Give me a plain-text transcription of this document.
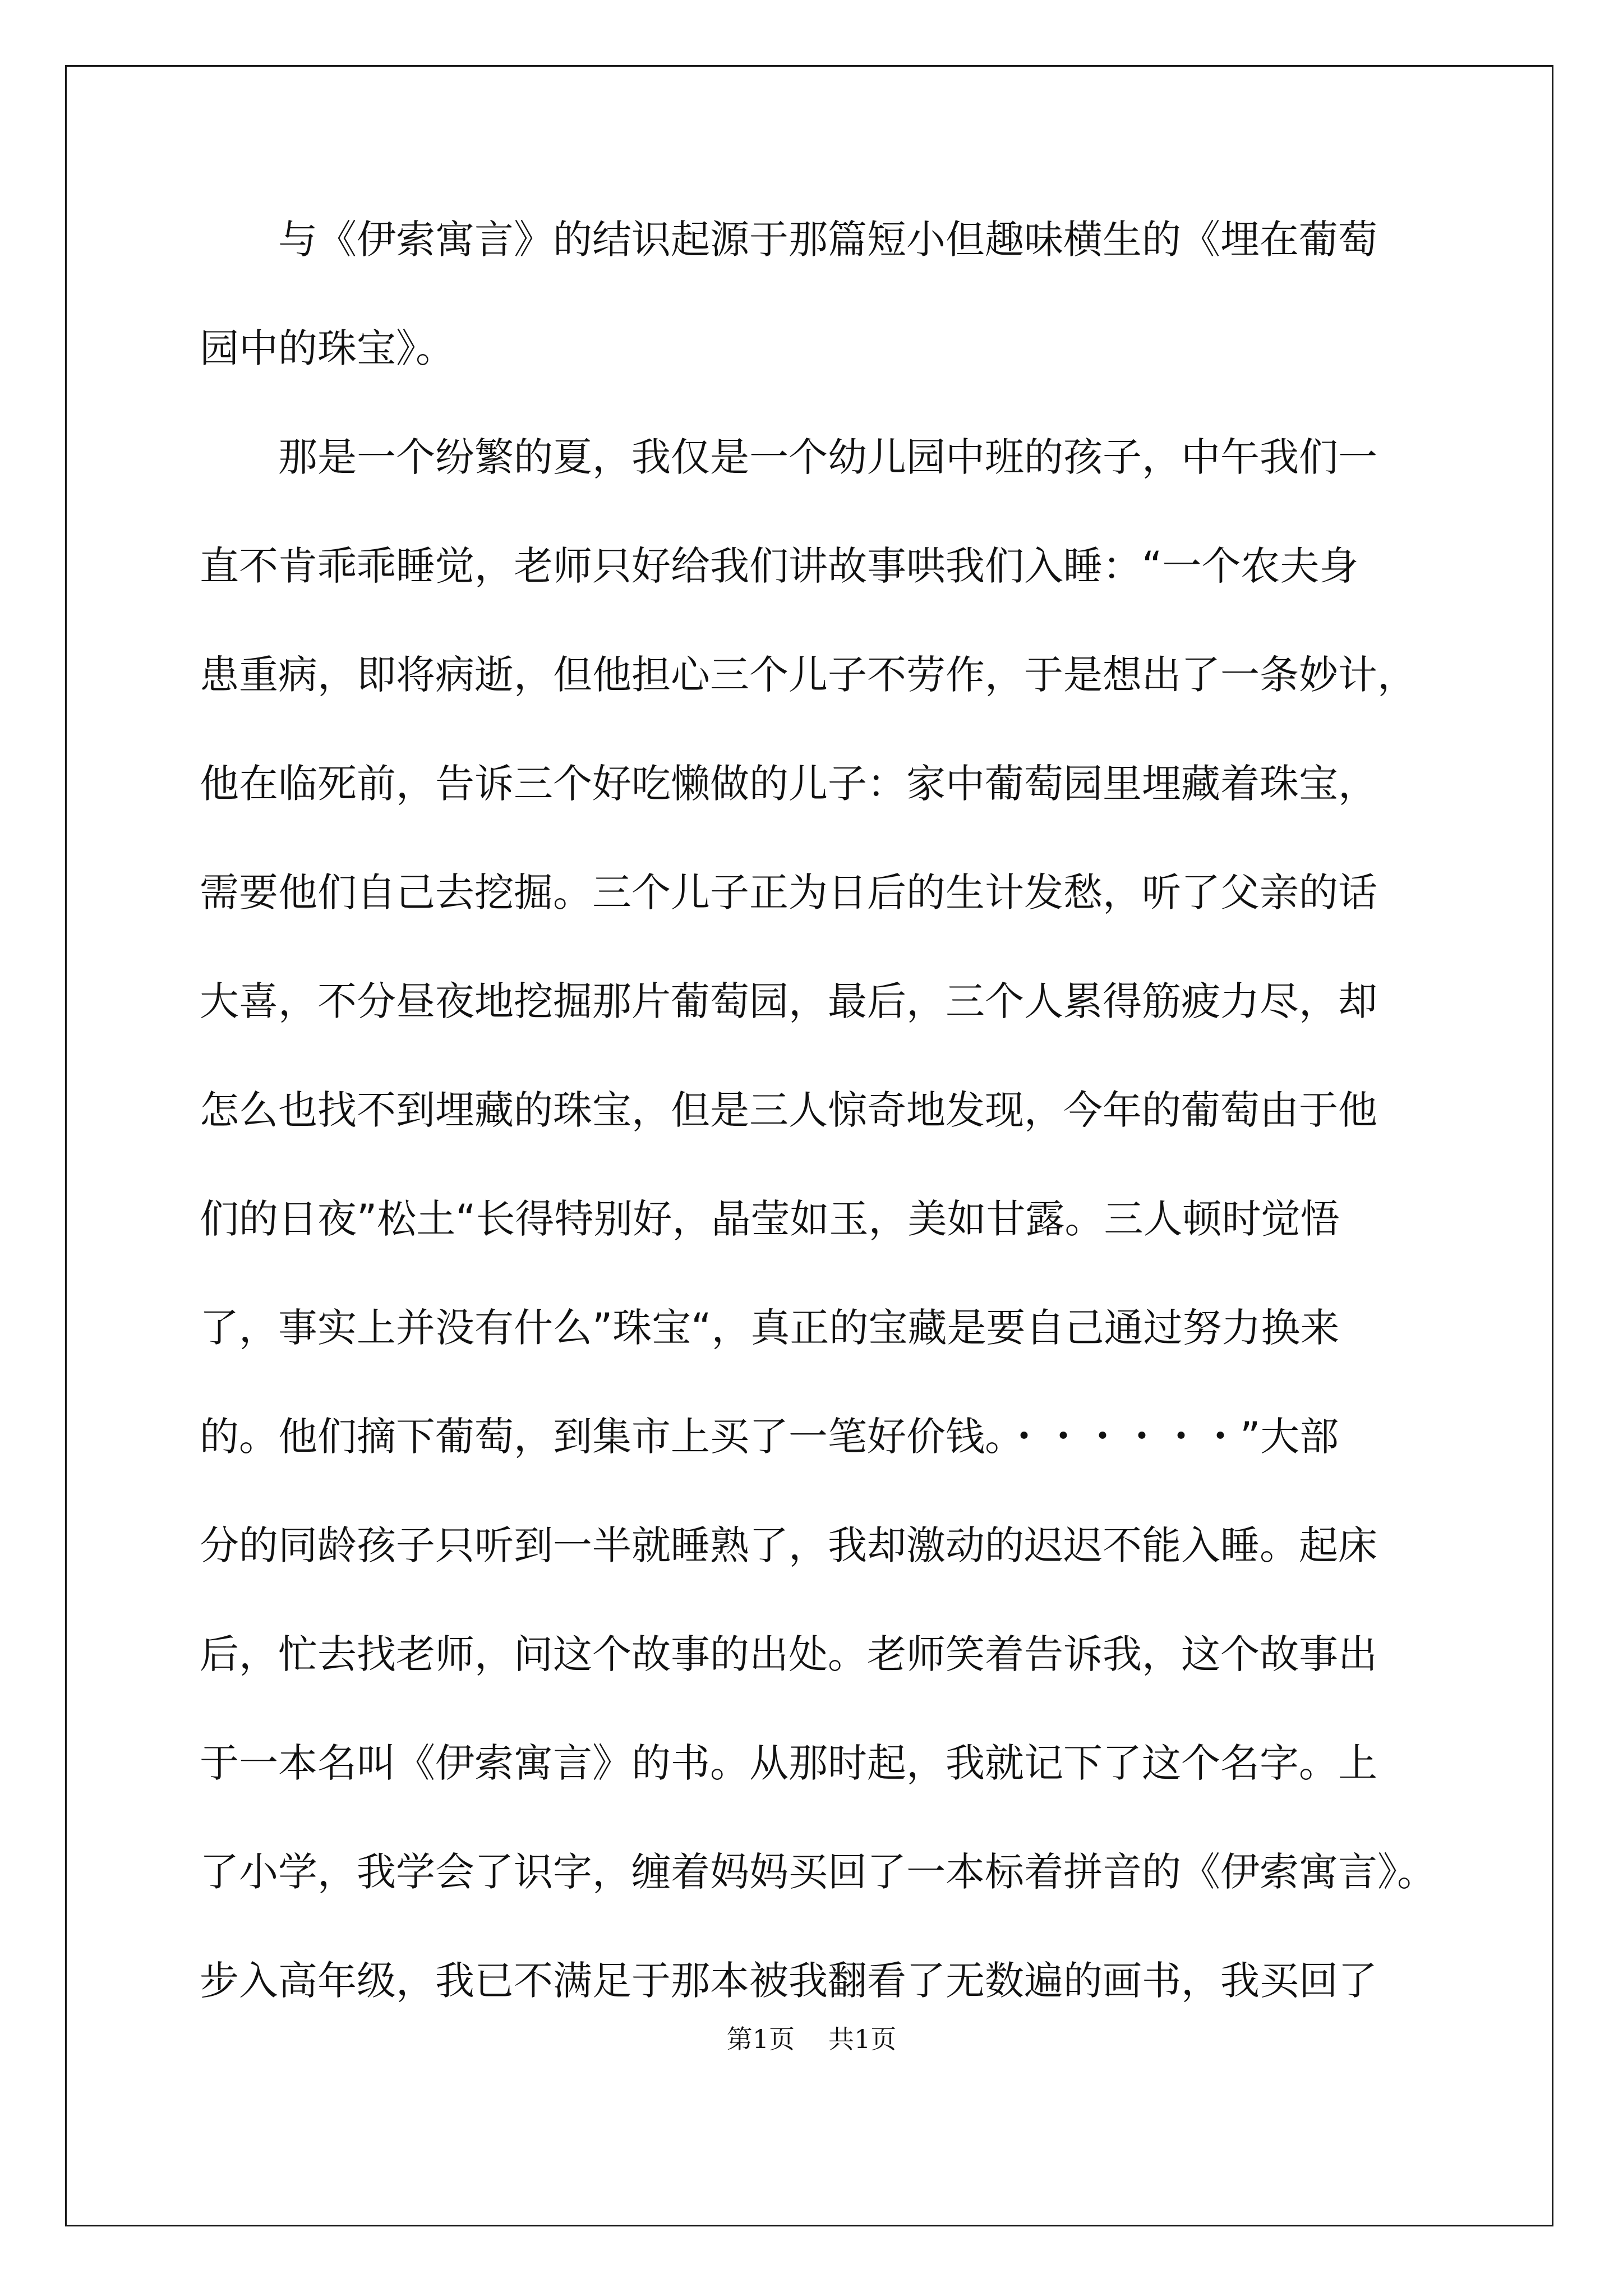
与《伊索寓言》的结识起源于那篇短小但趣味横生的《埋在葡萄
园中的珠宝》。
那是一个纷繁的夏，我仅是一个幼儿园中班的孩子，中午我们一
直不肯乖乖睡觉，老师只好给我们讲故事哄我们入睡：“一个农夫身
患重病，即将病逝，但他担心三个儿子不劳作，于是想出了一条妙计，
他在临死前，告诉三个好吃懒做的儿子：家中葡萄园里埋藏着珠宝，
需要他们自己去挖掘。三个儿子正为日后的生计发愁，听了父亲的话
大喜，不分昼夜地挖掘那片葡萄园，最后，三个人累得筋疲力尽，却
怎么也找不到埋藏的珠宝，但是三人惊奇地发现，今年的葡萄由于他
们的日夜”松土“长得特别好，晶莹如玉，美如甘露。三人顿时觉悟
了，事实上并没有什么”珠宝“，真正的宝藏是要自己通过努力换来
的。他们摘下葡萄，到集市上买了一笔好价钱。・・・・・・”大部
分的同龄孩子只听到一半就睡熟了，我却激动的迟迟不能入睡。起床
后，忙去找老师，问这个故事的出处。老师笑着告诉我，这个故事出
于一本名叫《伊索寓言》的书。从那时起，我就记下了这个名字。上
了小学，我学会了识字，缠着妈妈买回了一本标着拼音的《伊索寓言》。
步入高年级，我已不满足于那本被我翻看了无数遍的画书，我买回了
第1页 共1页
